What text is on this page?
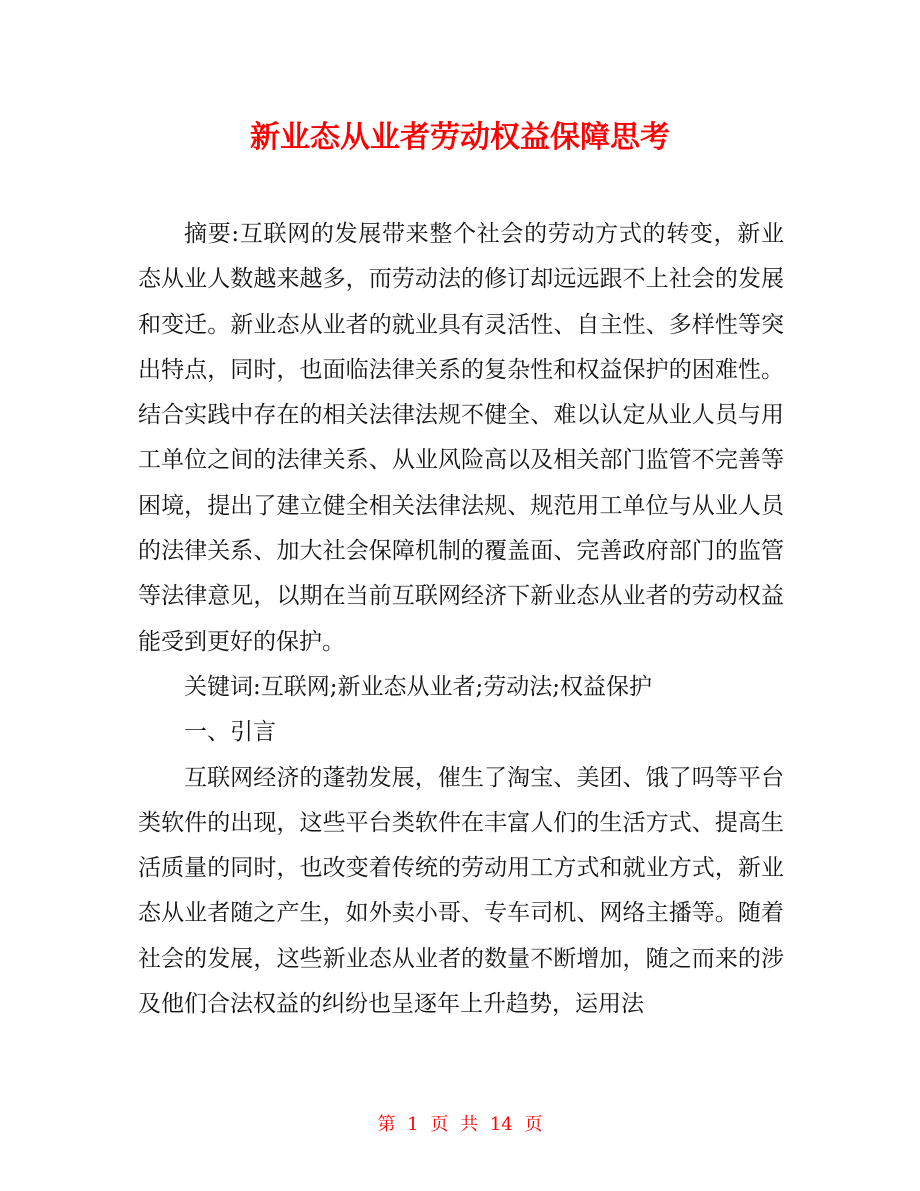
新业态从业者劳动权益保障思考

摘要:互联网的发展带来整个社会的劳动方式的转变，新业态从业人数越来越多，而劳动法的修订却远远跟不上社会的发展和变迁。新业态从业者的就业具有灵活性、自主性、多样性等突出特点，同时，也面临法律关系的复杂性和权益保护的困难性。结合实践中存在的相关法律法规不健全、难以认定从业人员与用工单位之间的法律关系、从业风险高以及相关部门监管不完善等困境，提出了建立健全相关法律法规、规范用工单位与从业人员的法律关系、加大社会保障机制的覆盖面、完善政府部门的监管等法律意见，以期在当前互联网经济下新业态从业者的劳动权益能受到更好的保护。

关键词:互联网;新业态从业者;劳动法;权益保护

一、引言

互联网经济的蓬勃发展，催生了淘宝、美团、饿了吗等平台类软件的出现，这些平台类软件在丰富人们的生活方式、提高生活质量的同时，也改变着传统的劳动用工方式和就业方式，新业态从业者随之产生，如外卖小哥、专车司机、网络主播等。随着社会的发展，这些新业态从业者的数量不断增加，随之而来的涉及他们合法权益的纠纷也呈逐年上升趋势，运用法

第 1 页 共 14 页
